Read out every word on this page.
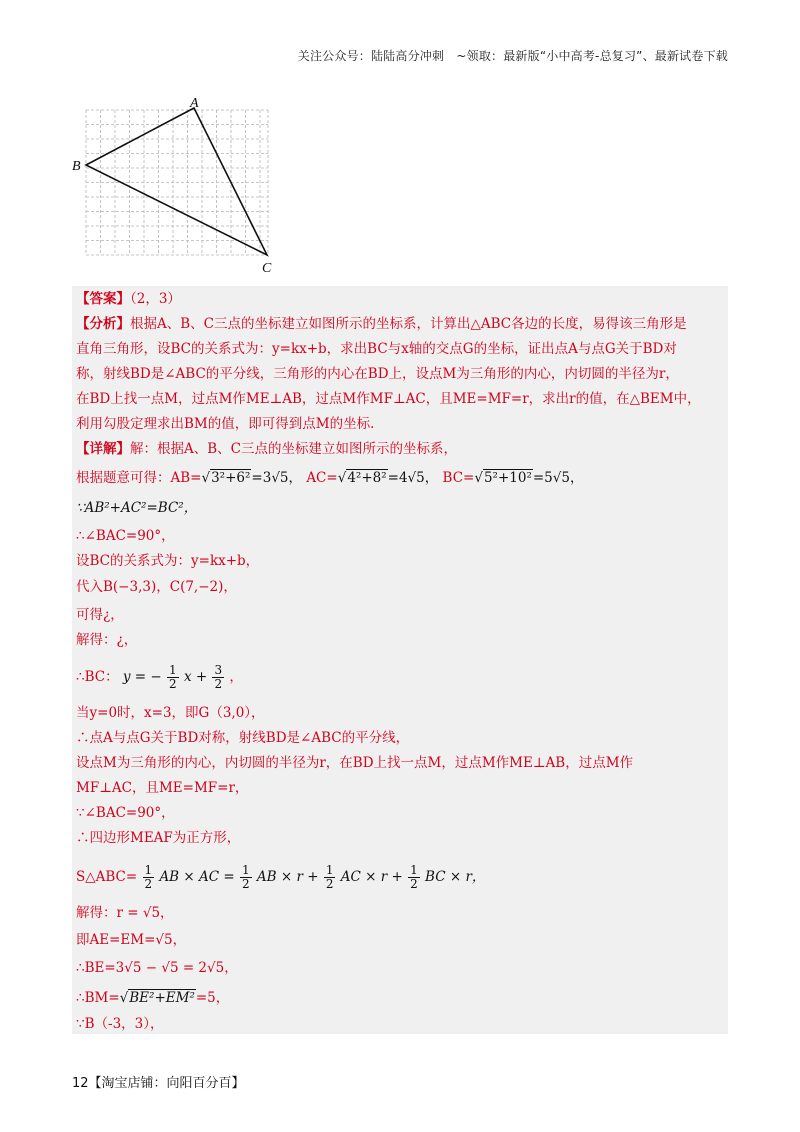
关注公众号：陆陆高分冲刺　~领取：最新版“小中高考-总复习”、最新试卷下载
A
B
C
【答案】（2，3）
【分析】根据A、B、C三点的坐标建立如图所示的坐标系，计算出△ABC各边的长度，易得该三角形是
直角三角形，设BC的关系式为：y=kx+b，求出BC与x轴的交点G的坐标，证出点A与点G关于BD对
称，射线BD是∠ABC的平分线，三角形的内心在BD上，设点M为三角形的内心，内切圆的半径为r，
在BD上找一点M，过点M作ME⊥AB，过点M作MF⊥AC，且ME=MF=r，求出r的值，在△BEM中，
利用勾股定理求出BM的值，即可得到点M的坐标.
【详解】解：根据A、B、C三点的坐标建立如图所示的坐标系，
根据题意可得：AB=√3²+6²=3√5， AC=√4²+8²=4√5， BC=√5²+10²=5√5，
∵AB²+AC²=BC²，
∴∠BAC=90°，
设BC的关系式为：y=kx+b，
代入B(−3,3)，C(7,−2)，
可得¿，
解得：¿，
∴BC： y = − $\frac{1}{2}$ $x + \frac{3}{2}$ ，
当y=0时，x=3，即G（3,0），
∴点A与点G关于BD对称，射线BD是∠ABC的平分线，
设点M为三角形的内心，内切圆的半径为r，在BD上找一点M，过点M作ME⊥AB，过点M作
MF⊥AC，且ME=MF=r，
∵∠BAC=90°，
∴四边形MEAF为正方形，
S△ABC= $\frac{1}{2}$ AB × AC = $\frac{1}{2}$ AB × $r + \frac{1}{2}$ AC × $r + \frac{1}{2}$ BC × r，
解得：r = √5，
即AE=EM=√5，
∴BE=3√5 − √5 = 2√5，
∴BM=√BE²+EM²=5，
∵B（-3，3），
12【淘宝店铺：向阳百分百】
